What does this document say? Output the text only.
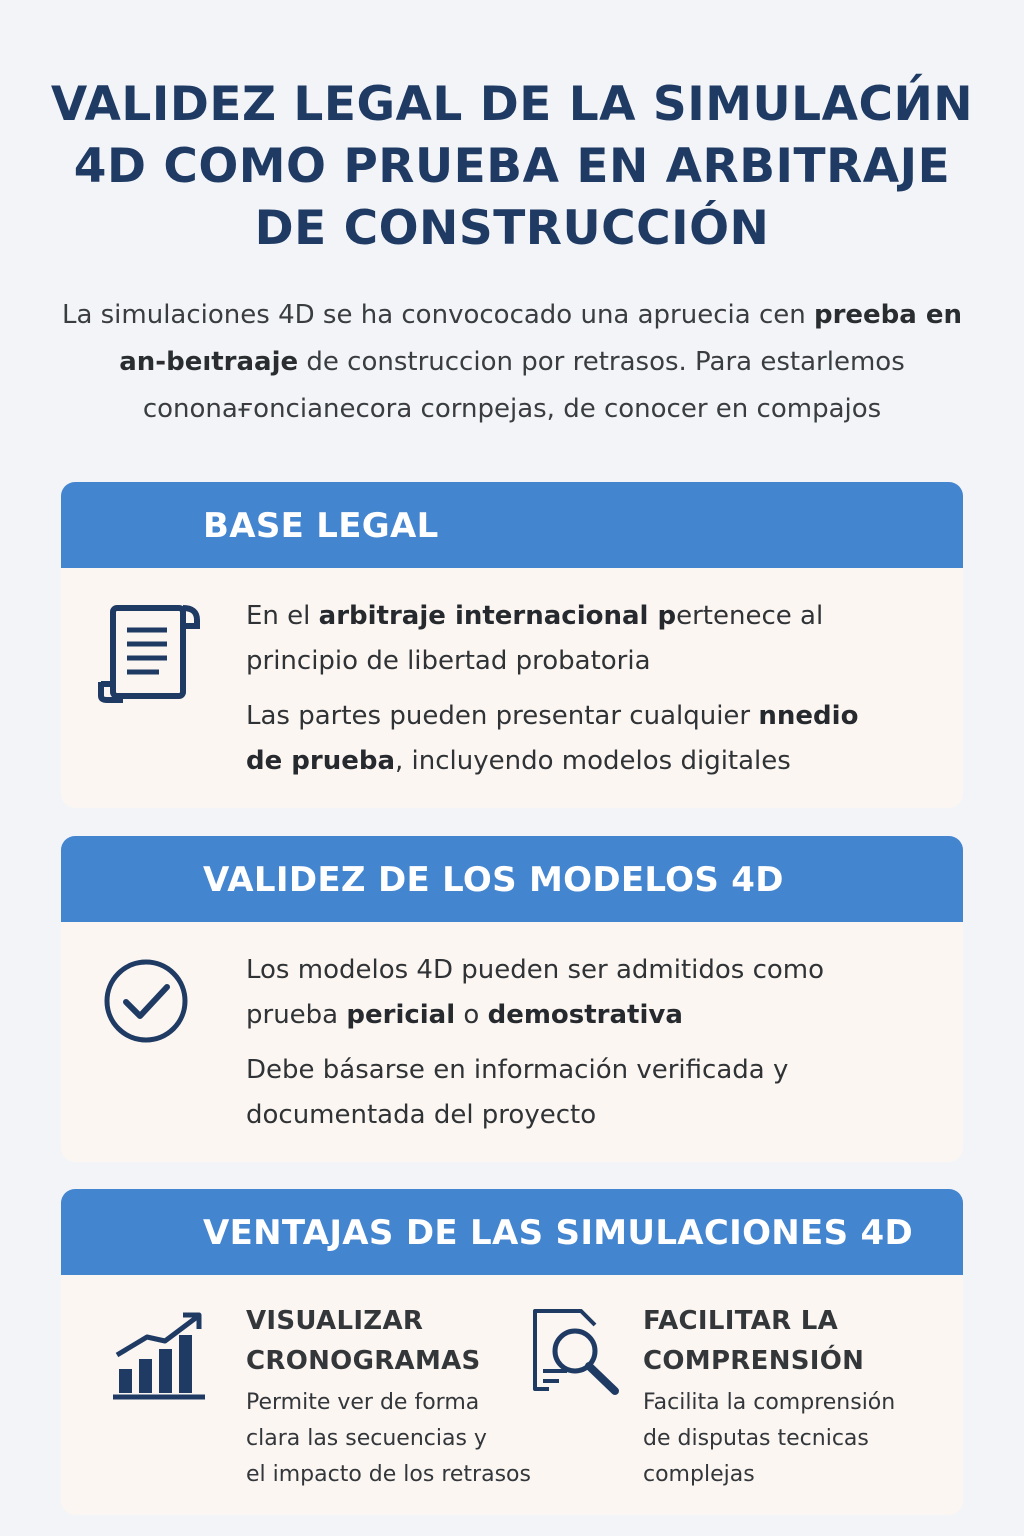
VALIDEZ LEGAL DE LA SIMULACИ́N
4D COMO PRUEBA EN ARBITRAJE
DE CONSTRUCCIÓN
La simulaciones 4D se ha convococado una apruecia cen preeba en an-beıtraaje de construccion por retrasos. Para estarlemos cononaғoncianecora cornpejas, de conocer en compajos
BASE LEGAL

En el arbitraje internacional pertenece al principio de libertad probatoria

Las partes pueden presentar cualquier nnedio de prueba, incluyendo modelos digitales

VALIDEZ DE LOS MODELOS 4D

Los modelos 4D pueden ser admitidos como prueba pericial o demostrativa

Debe básarse en información verificada y documentada del proyecto

VENTAJAS DE LAS SIMULACIONES 4D
VISUALIZAR
CRONOGRAMAS
Permite ver de forma
clara las secuencias y
el impacto de los retrasos
FACILITAR LA
COMPRENSIÓN
Facilita la comprensión
de disputas tecnicas
complejas
